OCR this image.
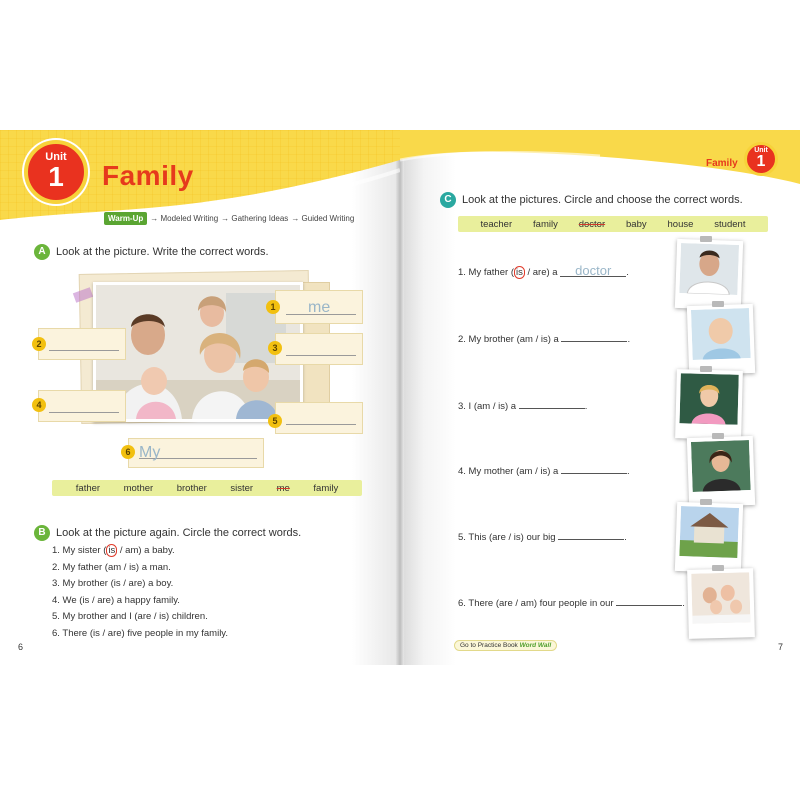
Unit
1	Family
Warm-Up → Modeled Writing → Gathering Ideas → Guided Writing
A Look at the picture. Write the correct words.
me
1
2	3
4
5
My
6
father mother brother sister me family
B Look at the picture again. Circle the correct words.
1. My sister ( is / am) a baby.
2. My father (am / is) a man.
3. My brother (is / are) a boy.
4. We (is / are) a happy family.
5. My brother and I (are / is) children.
6. There (is / are) five people in my family.
6
Family
Unit
1
C Look at the pictures. Circle and choose the correct words.
teacher family doctor baby house student
1. My father ( is / are) a doctor .
2. My brother (am / is) a	.
3. I (am / is) a	.
4. My mother (am / is) a	.
5. This (are / is) our big	.
6. There (are / am) four people in our	.
Go to Practice Book Word Wall	7
